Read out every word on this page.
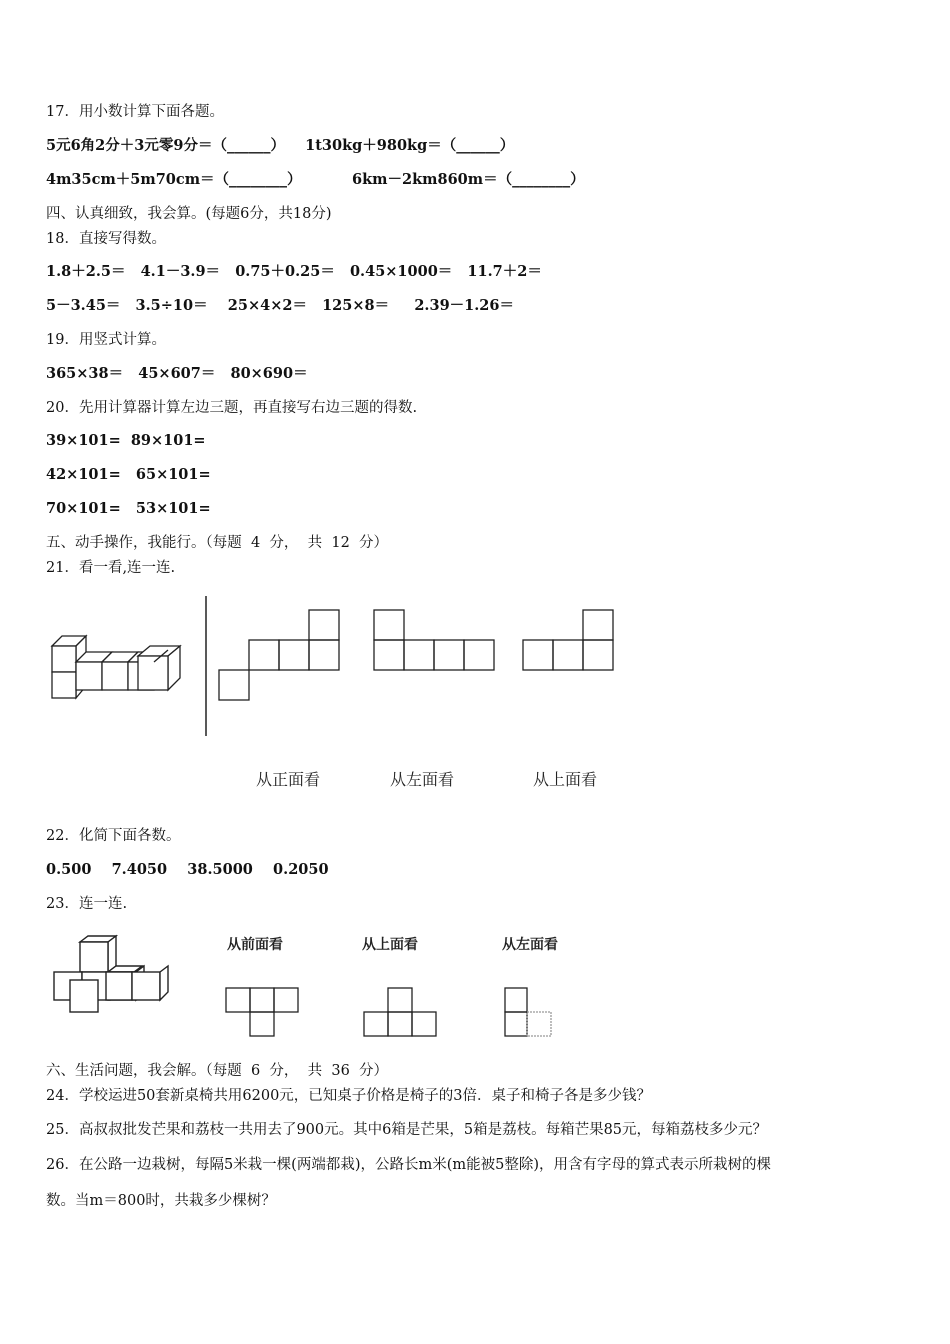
17．用小数计算下面各题。
5元6角2分＋3元零9分＝（______）    1t30kg＋980kg＝（______）
4m35cm＋5m70cm＝（________）          6km－2km860m＝（________）
四、认真细致，我会算。(每题6分，共18分)
18．直接写得数。
1.8＋2.5＝   4.1－3.9＝   0.75＋0.25＝   0.45×1000＝   11.7＋2＝
5－3.45＝   3.5÷10＝    25×4×2＝   125×8＝     2.39－1.26＝
19．用竖式计算。
365×38＝   45×607＝   80×690＝
20．先用计算器计算左边三题，再直接写右边三题的得数.
39×101=  89×101=
42×101=   65×101=
70×101=   53×101=
五、动手操作，我能行。（每题  4  分，  共  12  分）
21．看一看,连一连.
从正面看	从左面看	从上面看
22．化简下面各数。
0.500    7.4050    38.5000    0.2050
23．连一连.
从前面看	从上面看	从左面看
六、生活问题，我会解。（每题  6  分，  共  36  分）
24．学校运进50套新桌椅共用6200元，已知桌子价格是椅子的3倍．桌子和椅子各是多少钱？
25．高叔叔批发芒果和荔枝一共用去了900元。其中6箱是芒果，5箱是荔枝。每箱芒果85元，每箱荔枝多少元？
26．在公路一边栽树，每隔5米栽一棵(两端都栽)，公路长m米(m能被5整除)，用含有字母的算式表示所栽树的棵
数。当m＝800时，共栽多少棵树？
